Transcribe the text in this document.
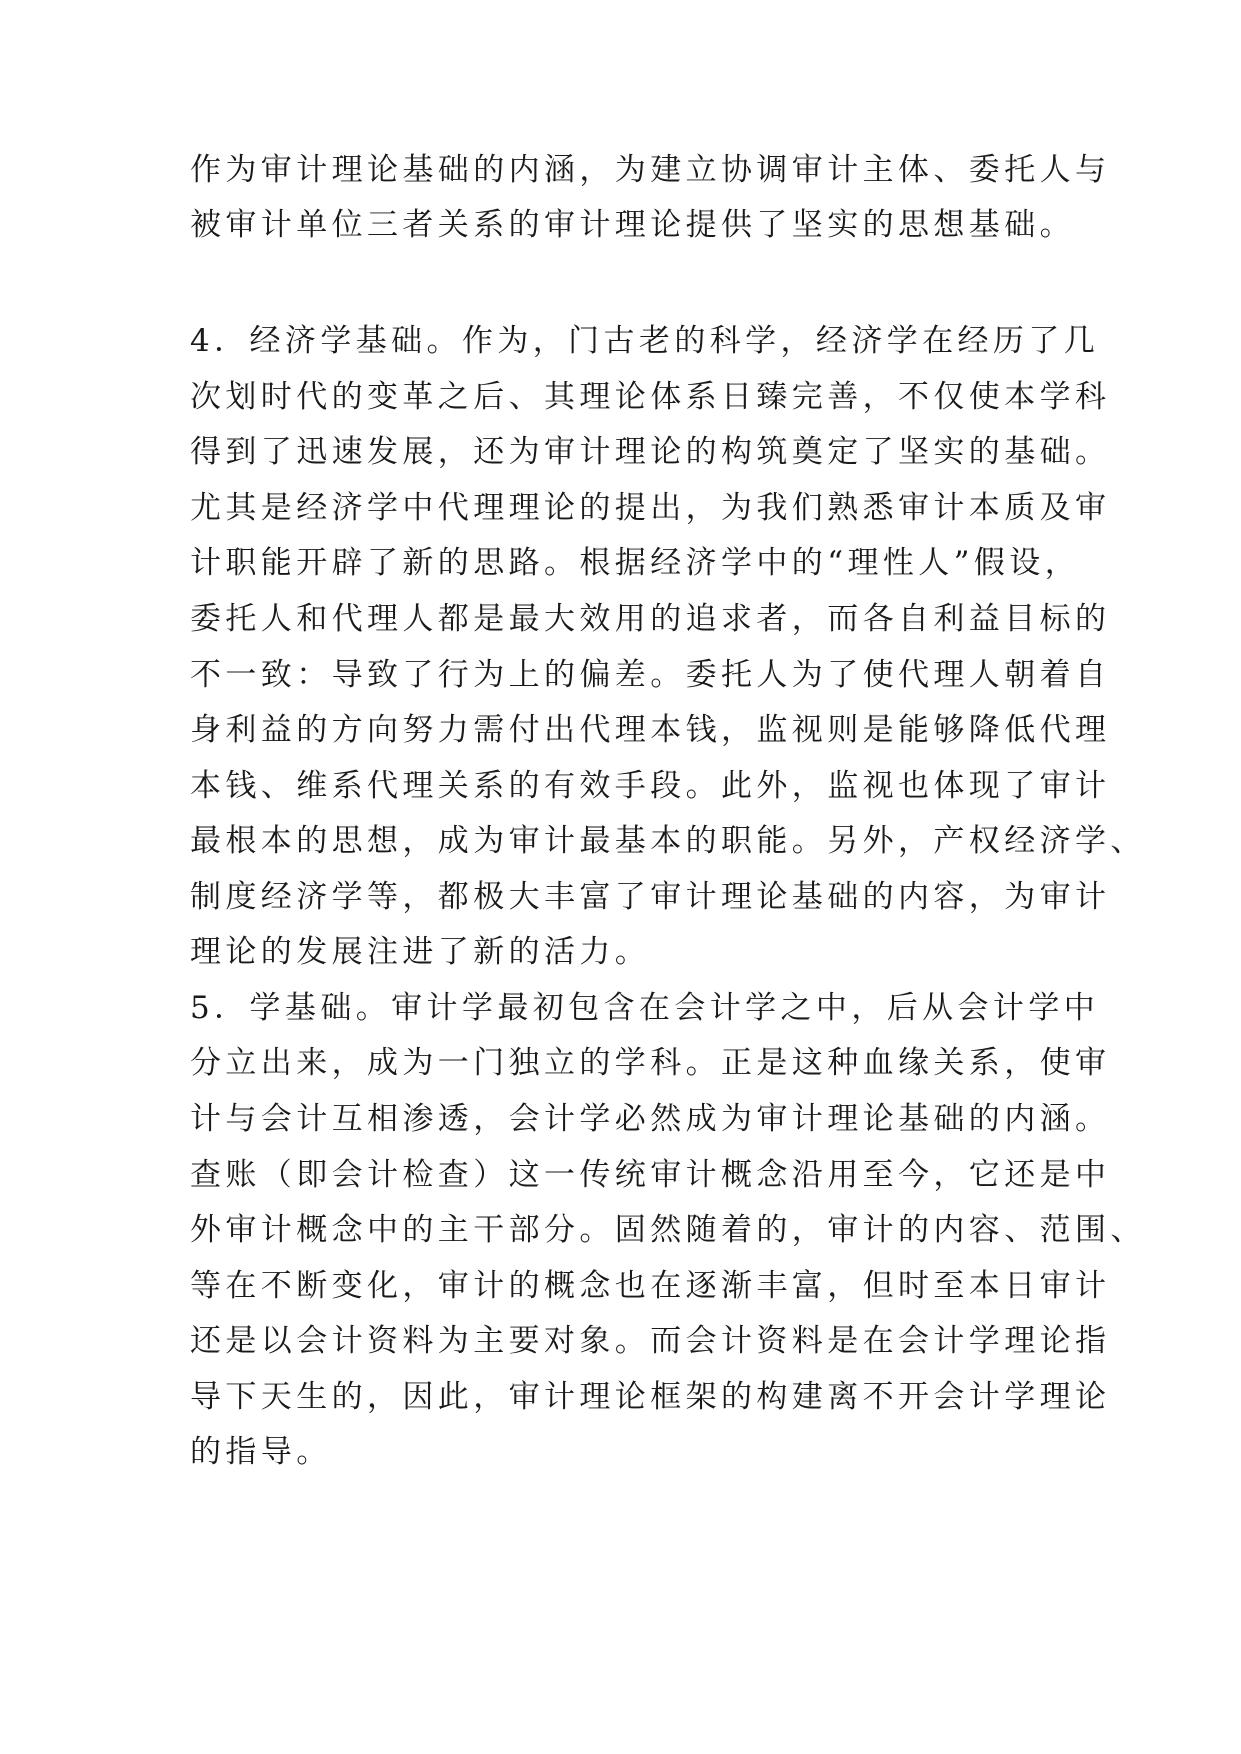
作为审计理论基础的内涵，为建立协调审计主体、委托人与
被审计单位三者关系的审计理论提供了坚实的思想基础。
4．经济学基础。作为，门古老的科学，经济学在经历了几
次划时代的变革之后、其理论体系日臻完善，不仅使本学科
得到了迅速发展，还为审计理论的构筑奠定了坚实的基础。
尤其是经济学中代理理论的提出，为我们熟悉审计本质及审
计职能开辟了新的思路。根据经济学中的“理性人”假设，
委托人和代理人都是最大效用的追求者，而各自利益目标的
不一致：导致了行为上的偏差。委托人为了使代理人朝着自
身利益的方向努力需付出代理本钱，监视则是能够降低代理
本钱、维系代理关系的有效手段。此外，监视也体现了审计
最根本的思想，成为审计最基本的职能。另外，产权经济学、
制度经济学等，都极大丰富了审计理论基础的内容，为审计
理论的发展注进了新的活力。
5．学基础。审计学最初包含在会计学之中，后从会计学中
分立出来，成为一门独立的学科。正是这种血缘关系，使审
计与会计互相渗透，会计学必然成为审计理论基础的内涵。
查账（即会计检查）这一传统审计概念沿用至今，它还是中
外审计概念中的主干部分。固然随着的，审计的内容、范围、
等在不断变化，审计的概念也在逐渐丰富，但时至本日审计
还是以会计资料为主要对象。而会计资料是在会计学理论指
导下天生的，因此，审计理论框架的构建离不开会计学理论
的指导。
